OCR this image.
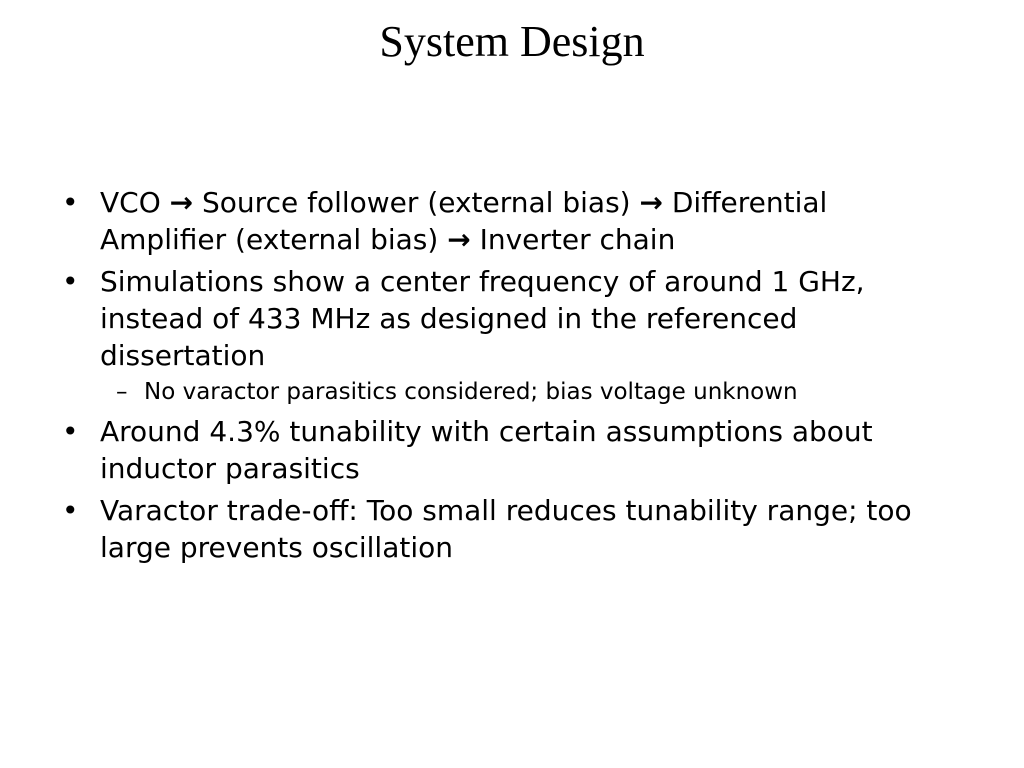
System Design
• VCO → Source follower (external bias) → Differential Amplifier (external bias) → Inverter chain
• Simulations show a center frequency of around 1 GHz, instead of 433 MHz as designed in the referenced dissertation
– No varactor parasitics considered; bias voltage unknown
• Around 4.3% tunability with certain assumptions about inductor parasitics
• Varactor trade-off: Too small reduces tunability range; too large prevents oscillation
